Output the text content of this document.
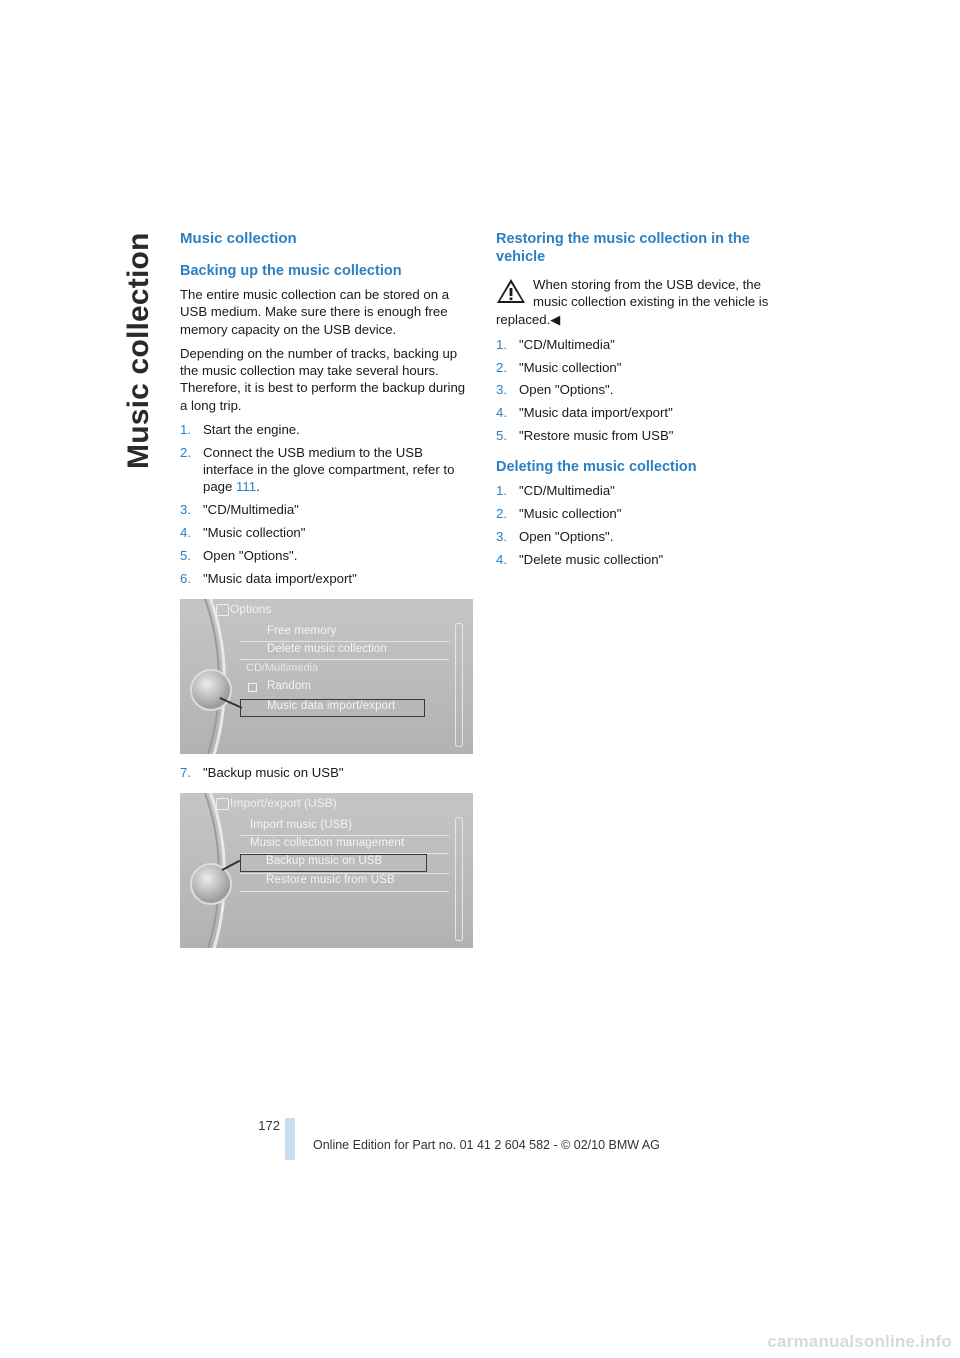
Music collection	Music collection
Backing up the music collection

The entire music collection can be stored on a USB medium. Make sure there is enough free memory capacity on the USB device.

Depending on the number of tracks, backing up the music collection may take several hours. Therefore, it is best to perform the backup during a long trip.

1. Start the engine.
2. Connect the USB medium to the USB interface in the glove compartment, refer to page 111.
3. "CD/Multimedia"
4. "Music collection"
5. Open "Options".
6. "Music data import/export"
Options
Free memory
Delete music collection
CD/Multimedia
Random
Music data import/export
7. "Backup music on USB"
Import/export (USB)
Import music (USB)
Music collection management
Backup music on USB
Restore music from USB
Restoring the music collection in the vehicle
When storing from the USB device, the music collection existing in the vehicle is
replaced.◀
1. "CD/Multimedia"
2. "Music collection"
3. Open "Options".
4. "Music data import/export"
5. "Restore music from USB"
Deleting the music collection
1. "CD/Multimedia"
2. "Music collection"
3. Open "Options".
4. "Delete music collection"
172
Online Edition for Part no. 01 41 2 604 582 - © 02/10 BMW AG
carmanualsonline.info
